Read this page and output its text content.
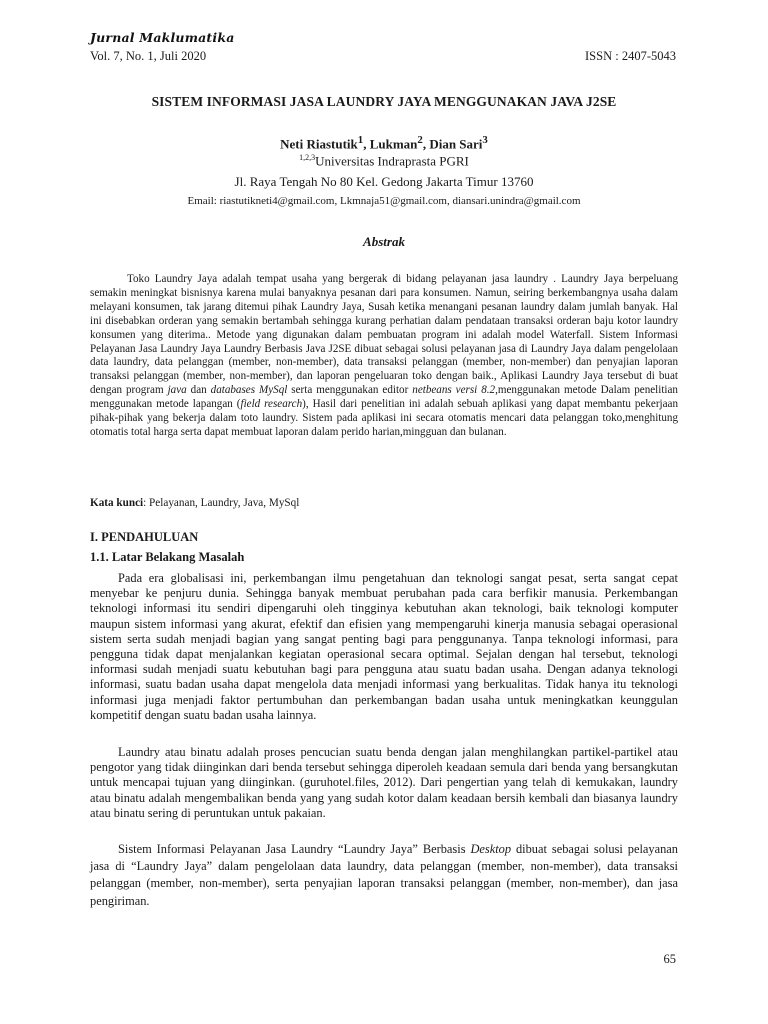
Jurnal Maklumatika
Vol. 7, No. 1, Juli 2020	ISSN : 2407-5043
SISTEM INFORMASI JASA LAUNDRY JAYA MENGGUNAKAN JAVA J2SE
Neti Riastutik$^1$, Lukman$^2$, Dian Sari$^3$
$^{1,2,3}$Universitas Indraprasta PGRI
Jl. Raya Tengah No 80 Kel. Gedong Jakarta Timur 13760
Email: riastutikneti4@gmail.com, Lkmnaja51@gmail.com, diansari.unindra@gmail.com
Abstrak

Toko Laundry Jaya adalah tempat usaha yang bergerak di bidang pelayanan jasa laundry . Laundry Jaya berpeluang semakin meningkat bisnisnya karena mulai banyaknya pesanan dari para konsumen. Namun, seiring berkembangnya usaha dalam melayani konsumen, tak jarang ditemui pihak Laundry Jaya, Susah ketika menangani pesanan laundry dalam jumlah banyak. Hal ini disebabkan orderan yang semakin bertambah sehingga kurang perhatian dalam pendataan transaksi orderan baju kotor laundry konsumen yang diterima.. Metode yang digunakan dalam pembuatan program ini adalah model Waterfall. Sistem Informasi Pelayanan Jasa Laundry Jaya Laundry Berbasis Java J2SE dibuat sebagai solusi pelayanan jasa di Laundry Jaya dalam pengelolaan data laundry, data pelanggan (member, non-member), data transaksi pelanggan (member, non-member) dan penyajian laporan transaksi pelanggan (member, non-member), dan laporan pengeluaran toko dengan baik., Aplikasi Laundry Jaya tersebut di buat dengan program java dan databases MySql serta menggunakan editor netbeans versi 8.2,menggunakan metode Dalam penelitian menggunakan metode lapangan (field research), Hasil dari penelitian ini adalah sebuah aplikasi yang dapat membantu pekerjaan pihak-pihak yang bekerja dalam toto laundry. Sistem pada aplikasi ini secara otomatis mencari data pelanggan toko,menghitung otomatis total harga serta dapat membuat laporan dalam perido harian,mingguan dan bulanan.

Kata kunci: Pelayanan, Laundry, Java, MySql
I. PENDAHULUAN
1.1. Latar Belakang Masalah

Pada era globalisasi ini, perkembangan ilmu pengetahuan dan teknologi sangat pesat, serta sangat cepat menyebar ke penjuru dunia. Sehingga banyak membuat perubahan pada cara berfikir manusia. Perkembangan teknologi informasi itu sendiri dipengaruhi oleh tingginya kebutuhan akan teknologi, baik teknologi komputer maupun sistem informasi yang akurat, efektif dan efisien yang mempengaruhi kinerja manusia sebagai operasional sistem serta sudah menjadi bagian yang sangat penting bagi para penggunanya. Tanpa teknologi informasi, para pengguna tidak dapat menjalankan kegiatan operasional secara optimal. Sejalan dengan hal tersebut, teknologi informasi sudah menjadi suatu kebutuhan bagi para pengguna atau suatu badan usaha. Dengan adanya teknologi informasi, suatu badan usaha dapat mengelola data menjadi informasi yang berkualitas. Tidak hanya itu teknologi informasi juga menjadi faktor pertumbuhan dan perkembangan badan usaha untuk meningkatkan keunggulan kompetitif dengan suatu badan usaha lainnya.

Laundry atau binatu adalah proses pencucian suatu benda dengan jalan menghilangkan partikel-partikel atau pengotor yang tidak diinginkan dari benda tersebut sehingga diperoleh keadaan semula dari benda yang bersangkutan untuk mencapai tujuan yang diinginkan. (guruhotel.files, 2012). Dari pengertian yang telah di kemukakan, laundry atau binatu adalah mengembalikan benda yang yang sudah kotor dalam keadaan bersih kembali dan biasanya laundry atau binatu sering di peruntukan untuk pakaian.

Sistem Informasi Pelayanan Jasa Laundry “Laundry Jaya” Berbasis Desktop dibuat sebagai solusi pelayanan jasa di “Laundry Jaya” dalam pengelolaan data laundry, data pelanggan (member, non-member), data transaksi pelanggan (member, non-member), serta penyajian laporan transaksi pelanggan (member, non-member), dan jasa pengiriman.

65
